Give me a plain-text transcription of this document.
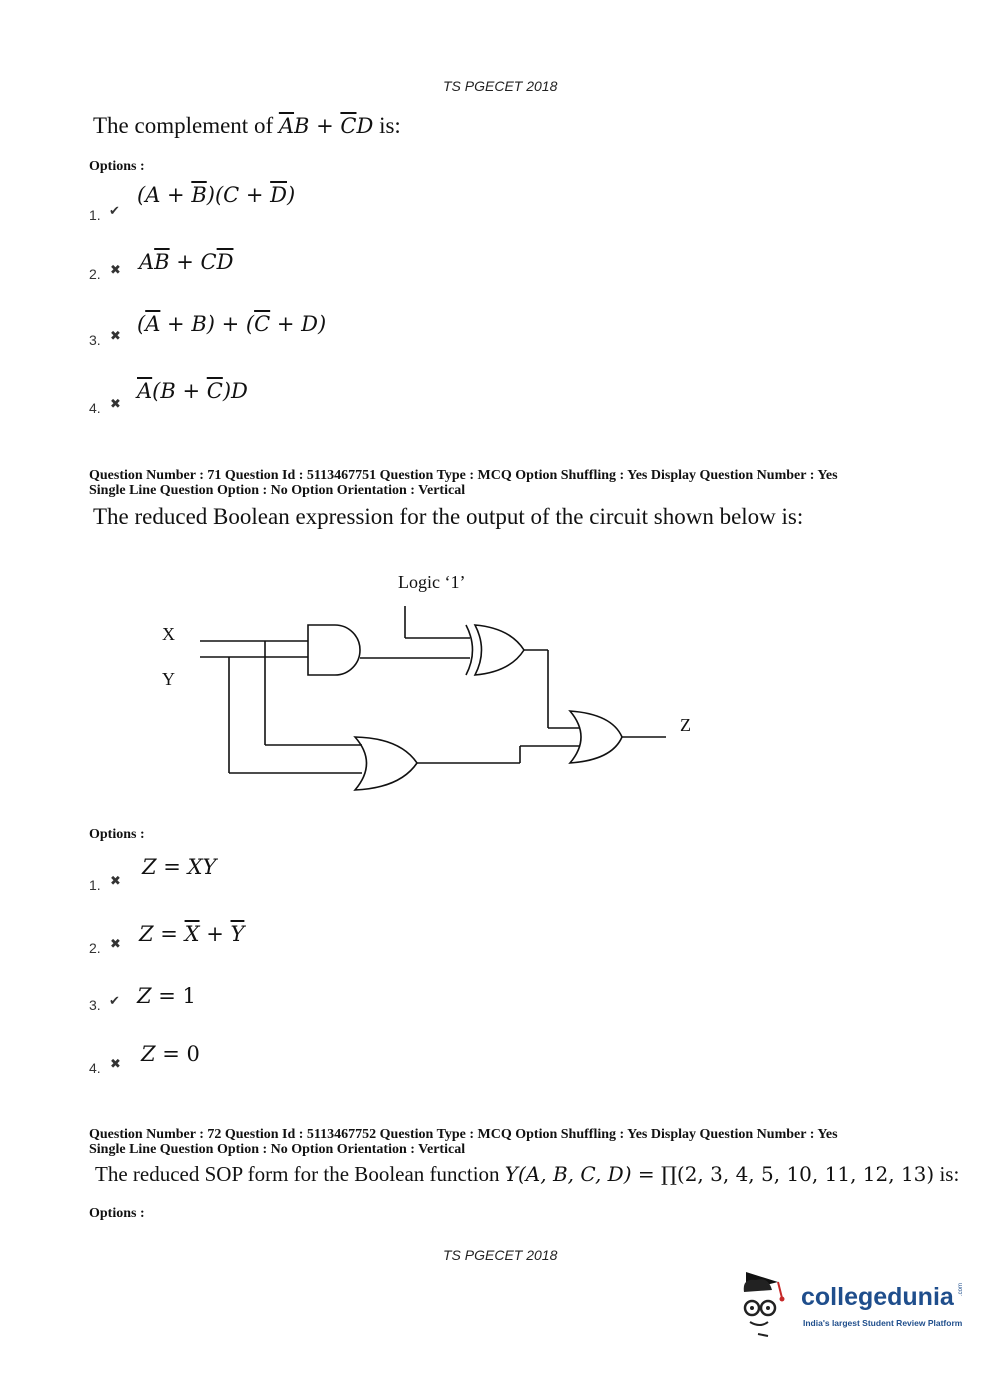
TS PGECET 2018
The complement of $\overline{A}B + \overline{C}D$ is:
Options :
1. ✔
$(A + \overline{B})(C + \overline{D})$
2. ✖ $A\overline{B} + C\overline{D}$
3. ✖
$(\overline{A} + B) + (\overline{C} + D)$
4. ✖
$\overline{A}(B + \overline{C})D$
Question Number : 71 Question Id : 5113467751 Question Type : MCQ Option Shuffling : Yes Display Question Number : Yes
Single Line Question Option : No Option Orientation : Vertical
The reduced Boolean expression for the output of the circuit shown below is:
Logic ‘1’
X
Y
Z
Options :
1. ✖
Z = XY
2. ✖ $Z = \overline{X} + \overline{Y}$
3. ✔ Z = 1
4. ✖ Z = 0
Question Number : 72 Question Id : 5113467752 Question Type : MCQ Option Shuffling : Yes Display Question Number : Yes
Single Line Question Option : No Option Orientation : Vertical
The reduced SOP form for the Boolean function Y(A, B, C, D) = ∏(2, 3, 4, 5, 10, 11, 12, 13) is:
Options :
TS PGECET 2018
collegedunia .com
India's largest Student Review Platform
